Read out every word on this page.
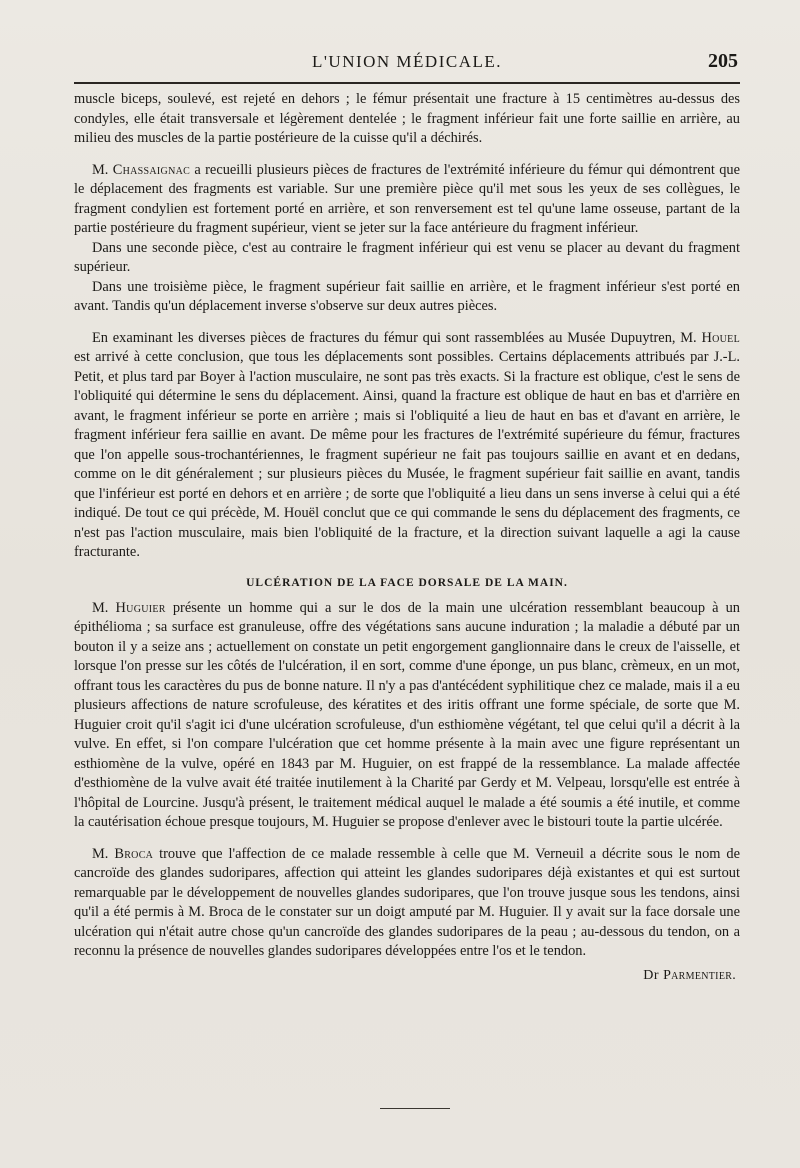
L'UNION MÉDICALE.	205

muscle biceps, soulevé, est rejeté en dehors ; le fémur présentait une fracture à 15 centimètres au-dessus des condyles, elle était transversale et légèrement dentelée ; le fragment inférieur fait une forte saillie en arrière, au milieu des muscles de la partie postérieure de la cuisse qu'il a déchirés.

M. Chassaignac a recueilli plusieurs pièces de fractures de l'extrémité inférieure du fémur qui démontrent que le déplacement des fragments est variable. Sur une première pièce qu'il met sous les yeux de ses collègues, le fragment condylien est fortement porté en arrière, et son renversement est tel qu'une lame osseuse, partant de la partie postérieure du fragment supérieur, vient se jeter sur la face antérieure du fragment inférieur.

Dans une seconde pièce, c'est au contraire le fragment inférieur qui est venu se placer au devant du fragment supérieur.

Dans une troisième pièce, le fragment supérieur fait saillie en arrière, et le fragment inférieur s'est porté en avant. Tandis qu'un déplacement inverse s'observe sur deux autres pièces.

En examinant les diverses pièces de fractures du fémur qui sont rassemblées au Musée Dupuytren, M. Houel est arrivé à cette conclusion, que tous les déplacements sont possibles. Certains déplacements attribués par J.-L. Petit, et plus tard par Boyer à l'action musculaire, ne sont pas très exacts. Si la fracture est oblique, c'est le sens de l'obliquité qui détermine le sens du déplacement. Ainsi, quand la fracture est oblique de haut en bas et d'arrière en avant, le fragment inférieur se porte en arrière ; mais si l'obliquité a lieu de haut en bas et d'avant en arrière, le fragment inférieur fera saillie en avant. De même pour les fractures de l'extrémité supérieure du fémur, fractures que l'on appelle sous-trochantériennes, le fragment supérieur ne fait pas toujours saillie en avant et en dedans, comme on le dit généralement ; sur plusieurs pièces du Musée, le fragment supérieur fait saillie en avant, tandis que l'inférieur est porté en dehors et en arrière ; de sorte que l'obliquité a lieu dans un sens inverse à celui qui a été indiqué. De tout ce qui précède, M. Houël conclut que ce qui commande le sens du déplacement des fragments, ce n'est pas l'action musculaire, mais bien l'obliquité de la fracture, et la direction suivant laquelle a agi la cause fracturante.

ULCÉRATION DE LA FACE DORSALE DE LA MAIN.

M. Huguier présente un homme qui a sur le dos de la main une ulcération ressemblant beaucoup à un épithélioma ; sa surface est granuleuse, offre des végétations sans aucune induration ; la maladie a débuté par un bouton il y a seize ans ; actuellement on constate un petit engorgement ganglionnaire dans le creux de l'aisselle, et lorsque l'on presse sur les côtés de l'ulcération, il en sort, comme d'une éponge, un pus blanc, crèmeux, en un mot, offrant tous les caractères du pus de bonne nature. Il n'y a pas d'antécédent syphilitique chez ce malade, mais il a eu plusieurs affections de nature scrofuleuse, des kératites et des iritis offrant une forme spéciale, de sorte que M. Huguier croit qu'il s'agit ici d'une ulcération scrofuleuse, d'un esthiomène végétant, tel que celui qu'il a décrit à la vulve. En effet, si l'on compare l'ulcération que cet homme présente à la main avec une figure représentant un esthiomène de la vulve, opéré en 1843 par M. Huguier, on est frappé de la ressemblance. La malade affectée d'esthiomène de la vulve avait été traitée inutilement à la Charité par Gerdy et M. Velpeau, lorsqu'elle est entrée à l'hôpital de Lourcine. Jusqu'à présent, le traitement médical auquel le malade a été soumis a été inutile, et comme la cautérisation échoue presque toujours, M. Huguier se propose d'enlever avec le bistouri toute la partie ulcérée.

M. Broca trouve que l'affection de ce malade ressemble à celle que M. Verneuil a décrite sous le nom de cancroïde des glandes sudoripares, affection qui atteint les glandes sudoripares déjà existantes et qui est surtout remarquable par le développement de nouvelles glandes sudoripares, que l'on trouve jusque sous les tendons, ainsi qu'il a été permis à M. Broca de le constater sur un doigt amputé par M. Huguier. Il y avait sur la face dorsale une ulcération qui n'était autre chose qu'un cancroïde des glandes sudoripares de la peau ; au-dessous du tendon, on a reconnu la présence de nouvelles glandes sudoripares développées entre l'os et le tendon.

Dr Parmentier.
